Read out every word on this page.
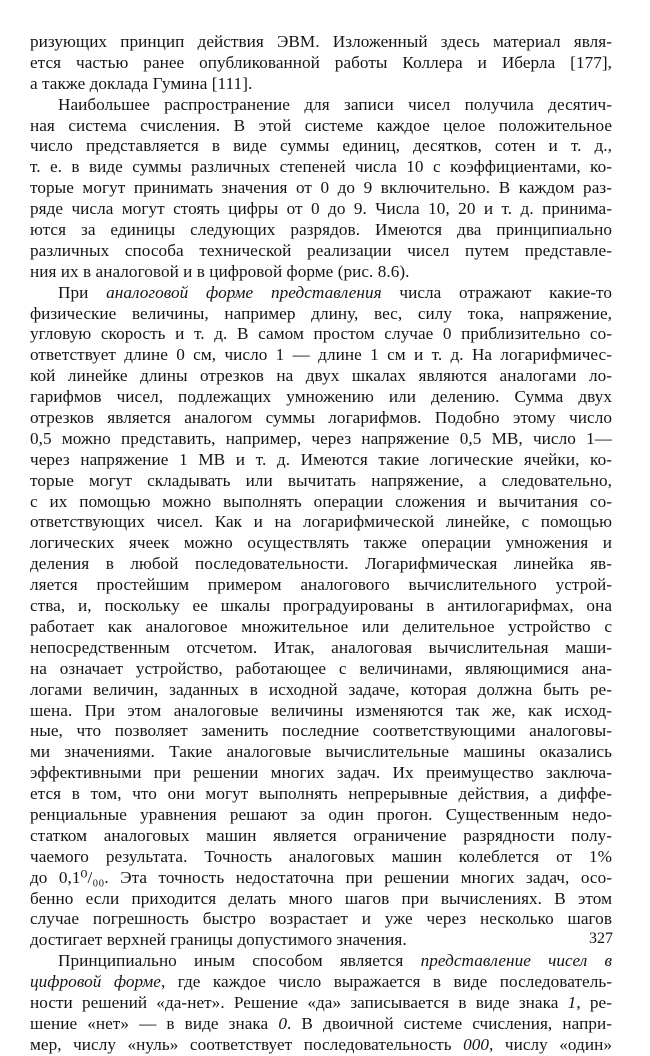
ризующих принцип действия ЭВМ. Изложенный здесь материал явля-
ется частью ранее опубликованной работы Коллера и Иберла [177],
а также доклада Гумина [111].
Наибольшее распространение для записи чисел получила десятич-
ная система счисления. В этой системе каждое целое положительное
число представляется в виде суммы единиц, десятков, сотен и т. д.,
т. е. в виде суммы различных степеней числа 10 с коэффициентами, ко-
торые могут принимать значения от 0 до 9 включительно. В каждом раз-
ряде числа могут стоять цифры от 0 до 9. Числа 10, 20 и т. д. принима-
ются за единицы следующих разрядов. Имеются два принципиально
различных способа технической реализации чисел путем представле-
ния их в аналоговой и в цифровой форме (рис. 8.6).
При аналоговой форме представления числа отражают какие-то
физические величины, например длину, вес, силу тока, напряжение,
угловую скорость и т. д. В самом простом случае 0 приблизительно со-
ответствует длине 0 см, число 1 — длине 1 см и т. д. На логарифмичес-
кой линейке длины отрезков на двух шкалах являются аналогами ло-
гарифмов чисел, подлежащих умножению или делению. Сумма двух
отрезков является аналогом суммы логарифмов. Подобно этому число
0,5 можно представить, например, через напряжение 0,5 МВ, число 1—
через напряжение 1 МВ и т. д. Имеются такие логические ячейки, ко-
торые могут складывать или вычитать напряжение, а следовательно,
с их помощью можно выполнять операции сложения и вычитания со-
ответствующих чисел. Как и на логарифмической линейке, с помощью
логических ячеек можно осуществлять также операции умножения и
деления в любой последовательности. Логарифмическая линейка яв-
ляется простейшим примером аналогового вычислительного устрой-
ства, и, поскольку ее шкалы проградуированы в антилогарифмах, она
работает как аналоговое множительное или делительное устройство с
непосредственным отсчетом. Итак, аналоговая вычислительная маши-
на означает устройство, работающее с величинами, являющимися ана-
логами величин, заданных в исходной задаче, которая должна быть ре-
шена. При этом аналоговые величины изменяются так же, как исход-
ные, что позволяет заменить последние соответствующими аналоговы-
ми значениями. Такие аналоговые вычислительные машины оказались
эффективными при решении многих задач. Их преимущество заключа-
ется в том, что они могут выполнять непрерывные действия, а диффе-
ренциальные уравнения решают за один прогон. Существенным недо-
статком аналоговых машин является ограничение разрядности полу-
чаемого результата. Точность аналоговых машин колеблется от 1%
до 0,1⁰/₀₀. Эта точность недостаточна при решении многих задач, осо-
бенно если приходится делать много шагов при вычислениях. В этом
случае погрешность быстро возрастает и уже через несколько шагов
достигает верхней границы допустимого значения.
Принципиально иным способом является представление чисел в
цифровой форме, где каждое число выражается в виде последователь-
ности решений «да-нет». Решение «да» записывается в виде знака 1, ре-
шение «нет» — в виде знака 0. В двоичной системе счисления, напри-
мер, числу «нуль» соответствует последовательность 000, числу «один»
327
